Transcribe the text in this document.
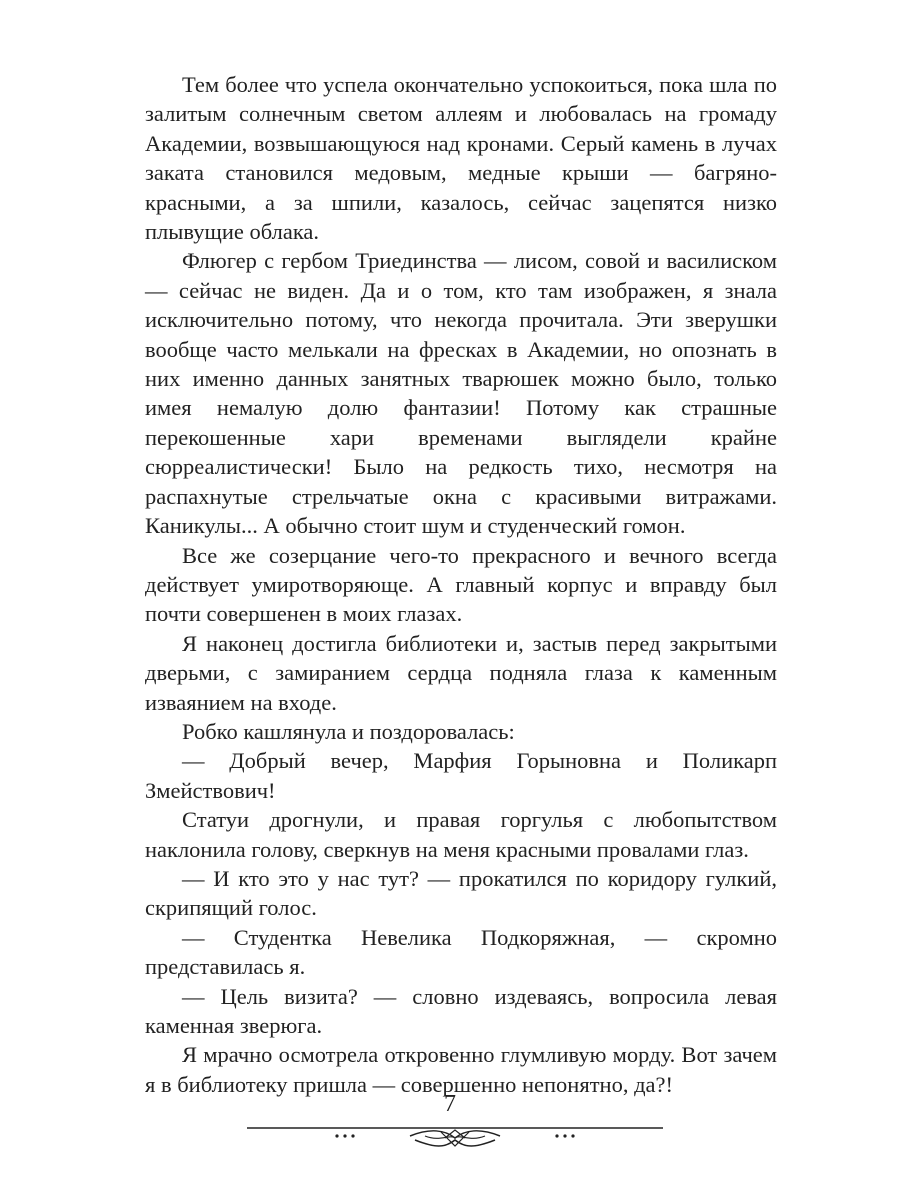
Тем более что успела окончательно успокоиться, пока шла по залитым солнечным светом аллеям и любовалась на громаду Академии, возвышающуюся над кронами. Серый камень в лучах заката становился медовым, медные крыши — багряно-красными, а за шпили, казалось, сейчас зацепятся низко плывущие облака.

Флюгер с гербом Триединства — лисом, совой и василиском — сейчас не виден. Да и о том, кто там изображен, я знала исключительно потому, что некогда прочитала. Эти зверушки вообще часто мелькали на фресках в Академии, но опознать в них именно данных занятных тварюшек можно было, только имея немалую долю фантазии! Потому как страшные перекошенные хари временами выглядели крайне сюрреалистически! Было на редкость тихо, несмотря на распахнутые стрельчатые окна с красивыми витражами. Каникулы... А обычно стоит шум и студенческий гомон.

Все же созерцание чего-то прекрасного и вечного всегда действует умиротворяюще. А главный корпус и вправду был почти совершенен в моих глазах.

Я наконец достигла библиотеки и, застыв перед закрытыми дверьми, с замиранием сердца подняла глаза к каменным изваянием на входе.

Робко кашлянула и поздоровалась:

— Добрый вечер, Марфия Горыновна и Поликарп Змействович!

Статуи дрогнули, и правая горгулья с любопытством наклонила голову, сверкнув на меня красными провалами глаз.

— И кто это у нас тут? — прокатился по коридору гулкий, скрипящий голос.

— Студентка Невелика Подкоряжная, — скромно представилась я.

— Цель визита? — словно издеваясь, вопросила левая каменная зверюга.

Я мрачно осмотрела откровенно глумливую морду. Вот зачем я в библиотеку пришла — совершенно непонятно, да?!

7
